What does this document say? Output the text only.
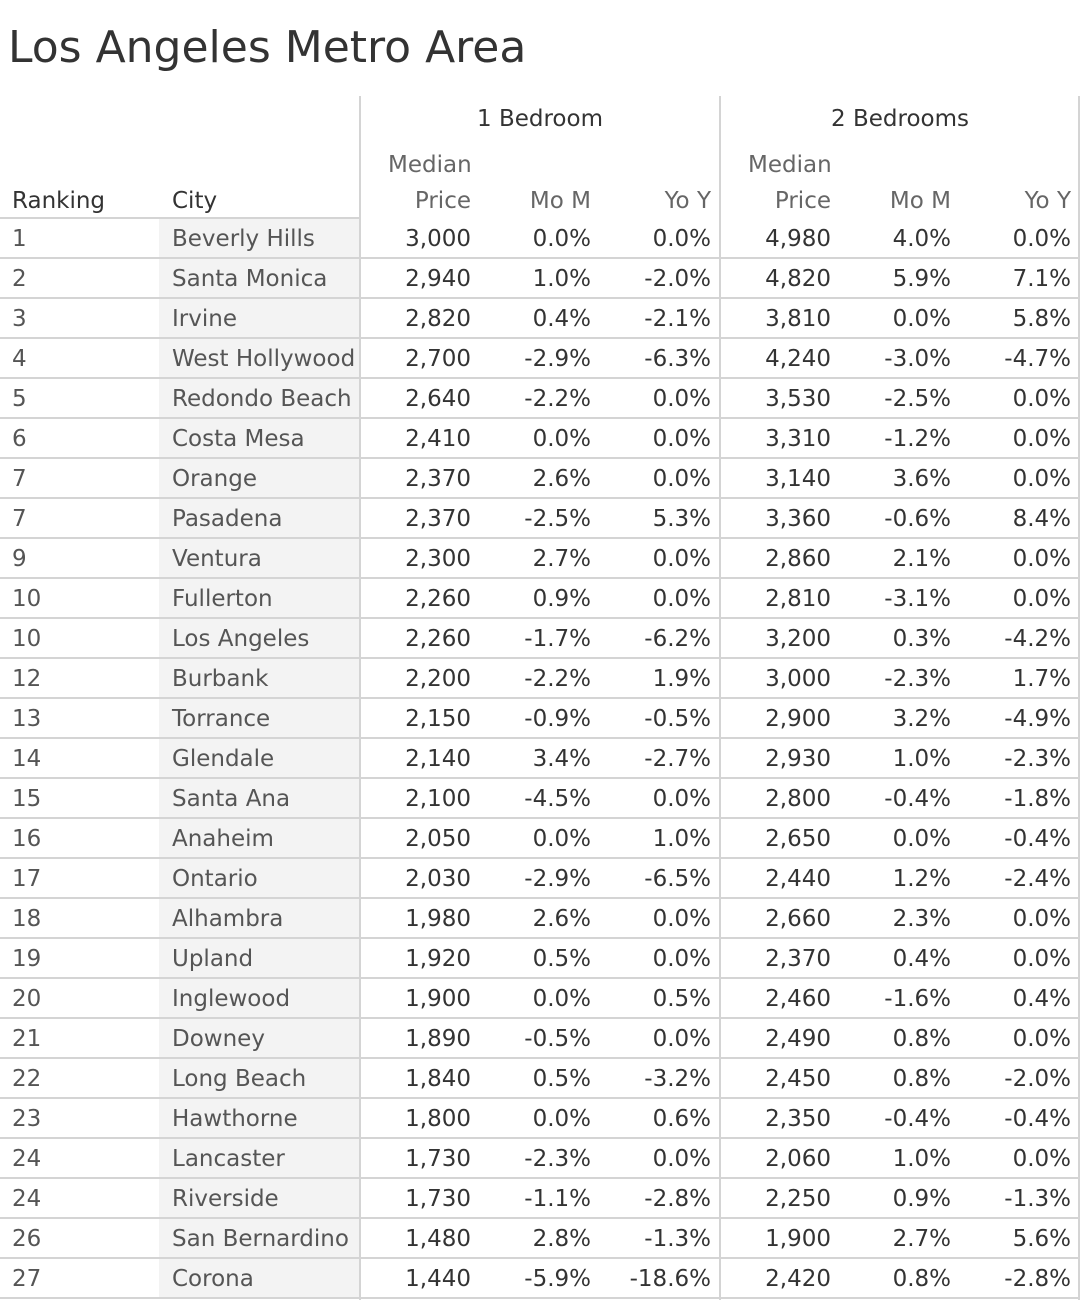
Los Angeles Metro Area
1 Bedroom	2 Bedrooms
Ranking	City
Median
Price	Mo M	Yo Y
Median
Price	Mo M	Yo Y
1	Beverly Hills	3,000	0.0%	0.0%	4,980	4.0%	0.0%
2	Santa Monica	2,940	1.0%	-2.0%	4,820	5.9%	7.1%
3	Irvine	2,820	0.4%	-2.1%	3,810	0.0%	5.8%
4	West Hollywood	2,700	-2.9%	-6.3%	4,240	-3.0%	-4.7%
5	Redondo Beach	2,640	-2.2%	0.0%	3,530	-2.5%	0.0%
6	Costa Mesa	2,410	0.0%	0.0%	3,310	-1.2%	0.0%
7	Orange	2,370	2.6%	0.0%	3,140	3.6%	0.0%
7	Pasadena	2,370	-2.5%	5.3%	3,360	-0.6%	8.4%
9	Ventura	2,300	2.7%	0.0%	2,860	2.1%	0.0%
10	Fullerton	2,260	0.9%	0.0%	2,810	-3.1%	0.0%
10	Los Angeles	2,260	-1.7%	-6.2%	3,200	0.3%	-4.2%
12	Burbank	2,200	-2.2%	1.9%	3,000	-2.3%	1.7%
13	Torrance	2,150	-0.9%	-0.5%	2,900	3.2%	-4.9%
14	Glendale	2,140	3.4%	-2.7%	2,930	1.0%	-2.3%
15	Santa Ana	2,100	-4.5%	0.0%	2,800	-0.4%	-1.8%
16	Anaheim	2,050	0.0%	1.0%	2,650	0.0%	-0.4%
17	Ontario	2,030	-2.9%	-6.5%	2,440	1.2%	-2.4%
18	Alhambra	1,980	2.6%	0.0%	2,660	2.3%	0.0%
19	Upland	1,920	0.5%	0.0%	2,370	0.4%	0.0%
20	Inglewood	1,900	0.0%	0.5%	2,460	-1.6%	0.4%
21	Downey	1,890	-0.5%	0.0%	2,490	0.8%	0.0%
22	Long Beach	1,840	0.5%	-3.2%	2,450	0.8%	-2.0%
23	Hawthorne	1,800	0.0%	0.6%	2,350	-0.4%	-0.4%
24	Lancaster	1,730	-2.3%	0.0%	2,060	1.0%	0.0%
24	Riverside	1,730	-1.1%	-2.8%	2,250	0.9%	-1.3%
26	San Bernardino	1,480	2.8%	-1.3%	1,900	2.7%	5.6%
27	Corona	1,440	-5.9%	-18.6%	2,420	0.8%	-2.8%
